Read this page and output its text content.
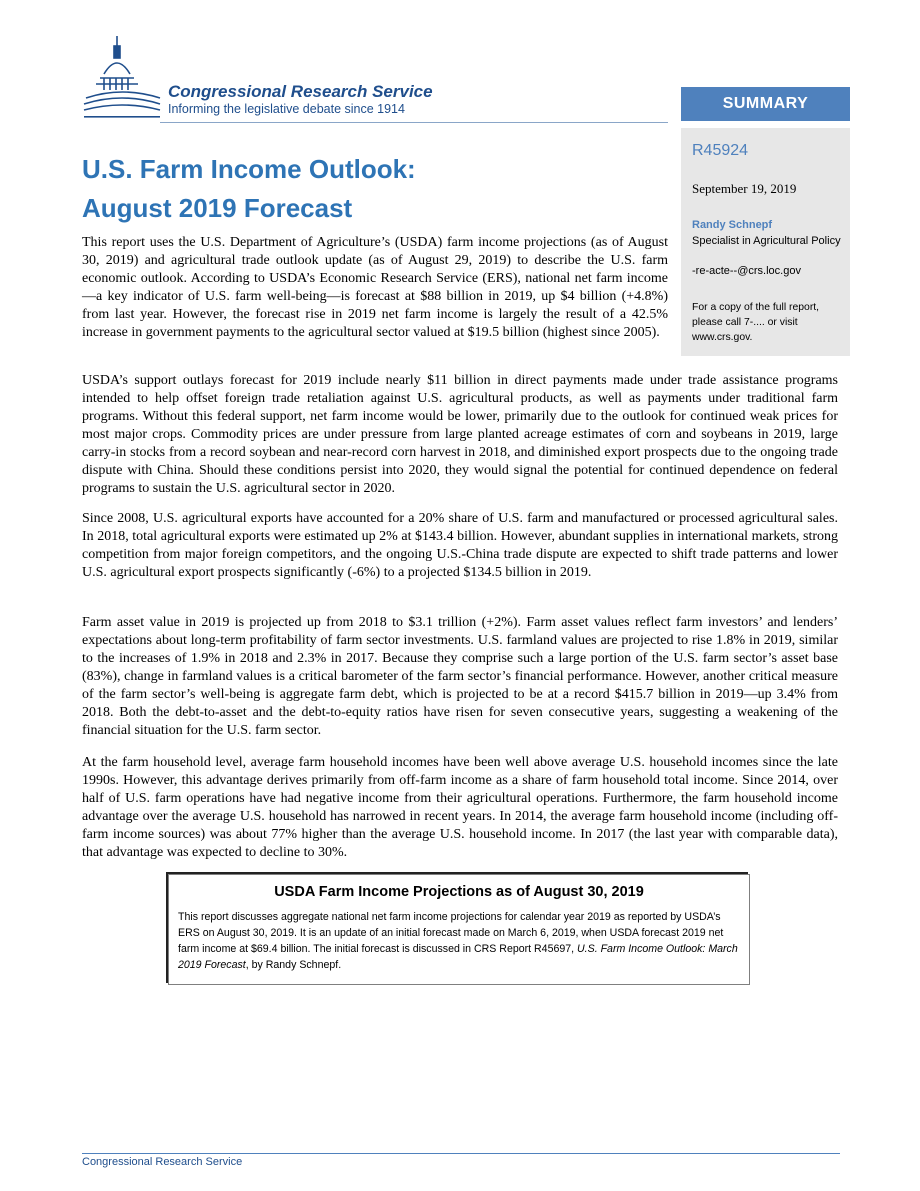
Congressional Research Service
Informing the legislative debate since 1914	SUMMARY
R45924
September 19, 2019
Randy Schnepf
Specialist in Agricultural Policy
-re-acte--@crs.loc.gov
For a copy of the full report, please call 7-.... or visit www.crs.gov.
U.S. Farm Income Outlook:
August 2019 Forecast
This report uses the U.S. Department of Agriculture’s (USDA) farm income projections (as of August 30, 2019) and agricultural trade outlook update (as of August 29, 2019) to describe the U.S. farm economic outlook. According to USDA’s Economic Research Service (ERS), national net farm income—a key indicator of U.S. farm well-being—is forecast at $88 billion in 2019, up $4 billion (+4.8%) from last year. However, the forecast rise in 2019 net farm income is largely the result of a 42.5% increase in government payments to the agricultural sector valued at $19.5 billion (highest since 2005).

USDA’s support outlays forecast for 2019 include nearly $11 billion in direct payments made under trade assistance programs intended to help offset foreign trade retaliation against U.S. agricultural products, as well as payments under traditional farm programs. Without this federal support, net farm income would be lower, primarily due to the outlook for continued weak prices for most major crops. Commodity prices are under pressure from large planted acreage estimates of corn and soybeans in 2019, large carry-in stocks from a record soybean and near-record corn harvest in 2018, and diminished export prospects due to the ongoing trade dispute with China. Should these conditions persist into 2020, they would signal the potential for continued dependence on federal programs to sustain the U.S. agricultural sector in 2020.

Since 2008, U.S. agricultural exports have accounted for a 20% share of U.S. farm and manufactured or processed agricultural sales. In 2018, total agricultural exports were estimated up 2% at $143.4 billion. However, abundant supplies in international markets, strong competition from major foreign competitors, and the ongoing U.S.-China trade dispute are expected to shift trade patterns and lower U.S. agricultural export prospects significantly (-6%) to a projected $134.5 billion in 2019.

Farm asset value in 2019 is projected up from 2018 to $3.1 trillion (+2%). Farm asset values reflect farm investors’ and lenders’ expectations about long-term profitability of farm sector investments. U.S. farmland values are projected to rise 1.8% in 2019, similar to the increases of 1.9% in 2018 and 2.3% in 2017. Because they comprise such a large portion of the U.S. farm sector’s asset base (83%), change in farmland values is a critical barometer of the farm sector’s financial performance. However, another critical measure of the farm sector’s well-being is aggregate farm debt, which is projected to be at a record $415.7 billion in 2019—up 3.4% from 2018. Both the debt-to-asset and the debt-to-equity ratios have risen for seven consecutive years, suggesting a weakening of the financial situation for the U.S. farm sector.

At the farm household level, average farm household incomes have been well above average U.S. household incomes since the late 1990s. However, this advantage derives primarily from off-farm income as a share of farm household total income. Since 2014, over half of U.S. farm operations have had negative income from their agricultural operations. Furthermore, the farm household income advantage over the average U.S. household has narrowed in recent years. In 2014, the average farm household income (including off-farm income sources) was about 77% higher than the average U.S. household income. In 2017 (the last year with comparable data), that advantage was expected to decline to 30%.

USDA Farm Income Projections as of August 30, 2019
This report discusses aggregate national net farm income projections for calendar year 2019 as reported by USDA’s ERS on August 30, 2019. It is an update of an initial forecast made on March 6, 2019, when USDA forecast 2019 net farm income at $69.4 billion. The initial forecast is discussed in CRS Report R45697, U.S. Farm Income Outlook: March 2019 Forecast, by Randy Schnepf.
Congressional Research Service
